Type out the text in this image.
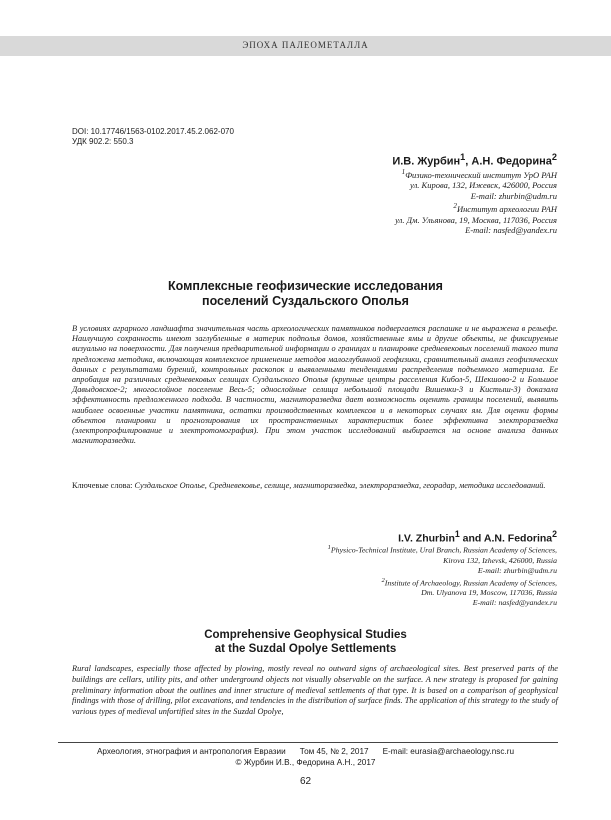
ЭПОХА ПАЛЕОМЕТАЛЛА
DOI: 10.17746/1563-0102.2017.45.2.062-070
УДК 902.2: 550.3
И.В. Журбин$^1$, А.Н. Федорина$^2$
$^1$Физико-технический институт УрО РАН
ул. Кирова, 132, Ижевск, 426000, Россия
E-mail: zhurbin@udm.ru
$^2$Институт археологии РАН
ул. Дм. Ульянова, 19, Москва, 117036, Россия
E-mail: nasfed@yandex.ru
Комплексные геофизические исследования
поселений Суздальского Ополья

В условиях аграрного ландшафта значительная часть археологических памятников подвергается распашке и не выражена в рельефе. Наилучшую сохранность имеют заглубленные в материк подполья домов, хозяйственные ямы и другие объекты, не фиксируемые визуально на поверхности. Для получения предварительной информации о границах и планировке средневековых поселений такого типа предложена методика, включающая комплексное применение методов малоглубинной геофизики, сравнительный анализ геофизических данных с результатами бурений, контрольных раскопок и выявленными тенденциями распределения подъемного материала. Ее апробация на различных средневековых селищах Суздальского Ополья (крупные центры расселения Кибол-5, Шекшово-2 и Большое Давыдовское-2; многослойное поселение Весь-5; однослойные селища небольшой площади Вишенки-3 и Кистыш-3) доказала эффективность предложенного подхода. В частности, магниторазведка дает возможность оценить границы поселений, выявить наиболее освоенные участки памятника, остатки производственных комплексов и в некоторых случаях ям. Для оценки формы объектов планировки и прогнозирования их пространственных характеристик более эффективна электроразведка (электропрофилирование и электротомография). При этом участок исследований выбирается на основе анализа данных магниторазведки.

Ключевые слова: Суздальское Ополье, Средневековье, селище, магниторазведка, электроразведка, георадар, методика исследований.
I.V. Zhurbin$^1$ and A.N. Fedorina$^2$
$^1$Physico-Technical Institute, Ural Branch, Russian Academy of Sciences,
Kirova 132, Izhevsk, 426000, Russia
E-mail: zhurbin@udm.ru
$^2$Institute of Archaeology, Russian Academy of Sciences,
Dm. Ulyanova 19, Moscow, 117036, Russia
E-mail: nasfed@yandex.ru
Comprehensive Geophysical Studies
at the Suzdal Opolye Settlements

Rural landscapes, especially those affected by plowing, mostly reveal no outward signs of archaeological sites. Best preserved parts of the buildings are cellars, utility pits, and other underground objects not visually observable on the surface. A new strategy is proposed for gaining preliminary information about the outlines and inner structure of medieval settlements of that type. It is based on a comparison of geophysical findings with those of drilling, pilot excavations, and tendencies in the distribution of surface finds. The application of this strategy to the study of various types of medieval unfortified sites in the Suzdal Opolye,

Археология, этнография и антропология Евразии Том 45, № 2, 2017 E-mail: eurasia@archaeology.nsc.ru
© Журбин И.В., Федорина А.Н., 2017
62
